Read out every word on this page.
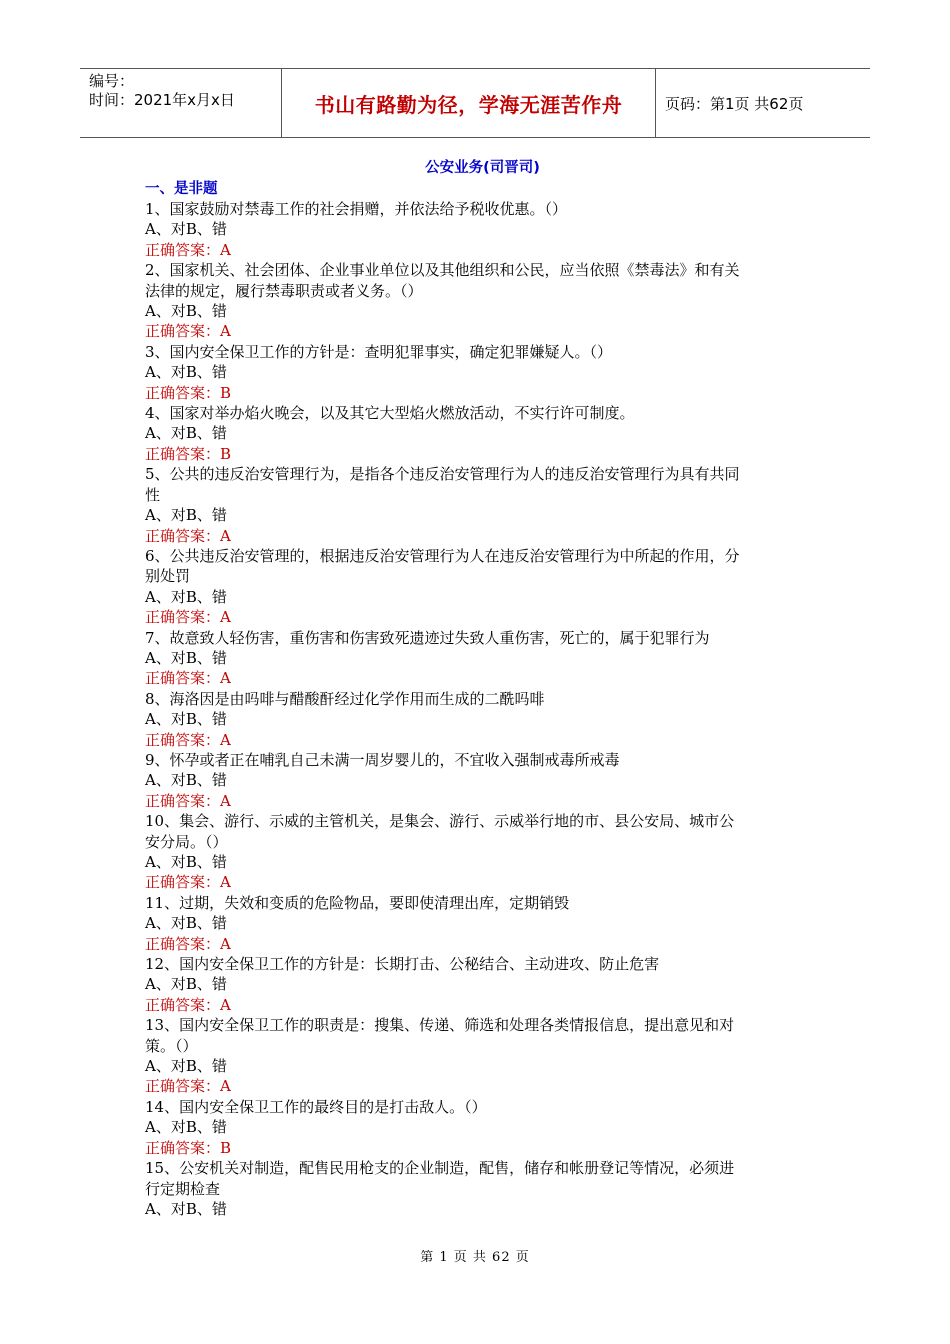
编号：
时间：2021年x月x日	书山有路勤为径，学海无涯苦作舟	页码：第1页 共62页
公安业务(司晋司)
一、是非题
1、国家鼓励对禁毒工作的社会捐赠，并依法给予税收优惠。（）
A、对B、错
正确答案：A
2、国家机关、社会团体、企业事业单位以及其他组织和公民，应当依照《禁毒法》和有关
法律的规定，履行禁毒职责或者义务。（）
A、对B、错
正确答案：A
3、国内安全保卫工作的方针是：查明犯罪事实，确定犯罪嫌疑人。（）
A、对B、错
正确答案：B
4、国家对举办焰火晚会，以及其它大型焰火燃放活动，不实行许可制度。
A、对B、错
正确答案：B
5、公共的违反治安管理行为，是指各个违反治安管理行为人的违反治安管理行为具有共同
性
A、对B、错
正确答案：A
6、公共违反治安管理的，根据违反治安管理行为人在违反治安管理行为中所起的作用，分
别处罚
A、对B、错
正确答案：A
7、故意致人轻伤害，重伤害和伤害致死遗迹过失致人重伤害，死亡的，属于犯罪行为
A、对B、错
正确答案：A
8、海洛因是由吗啡与醋酸酐经过化学作用而生成的二酰吗啡
A、对B、错
正确答案：A
9、怀孕或者正在哺乳自己未满一周岁婴儿的，不宜收入强制戒毒所戒毒
A、对B、错
正确答案：A
10、集会、游行、示威的主管机关，是集会、游行、示威举行地的市、县公安局、城市公
安分局。（）
A、对B、错
正确答案：A
11、过期，失效和变质的危险物品，要即使清理出库，定期销毁
A、对B、错
正确答案：A
12、国内安全保卫工作的方针是：长期打击、公秘结合、主动进攻、防止危害
A、对B、错
正确答案：A
13、国内安全保卫工作的职责是：搜集、传递、筛选和处理各类情报信息，提出意见和对
策。（）
A、对B、错
正确答案：A
14、国内安全保卫工作的最终目的是打击敌人。（）
A、对B、错
正确答案：B
15、公安机关对制造，配售民用枪支的企业制造，配售，储存和帐册登记等情况，必须进
行定期检查
A、对B、错
第 1 页 共 62 页
